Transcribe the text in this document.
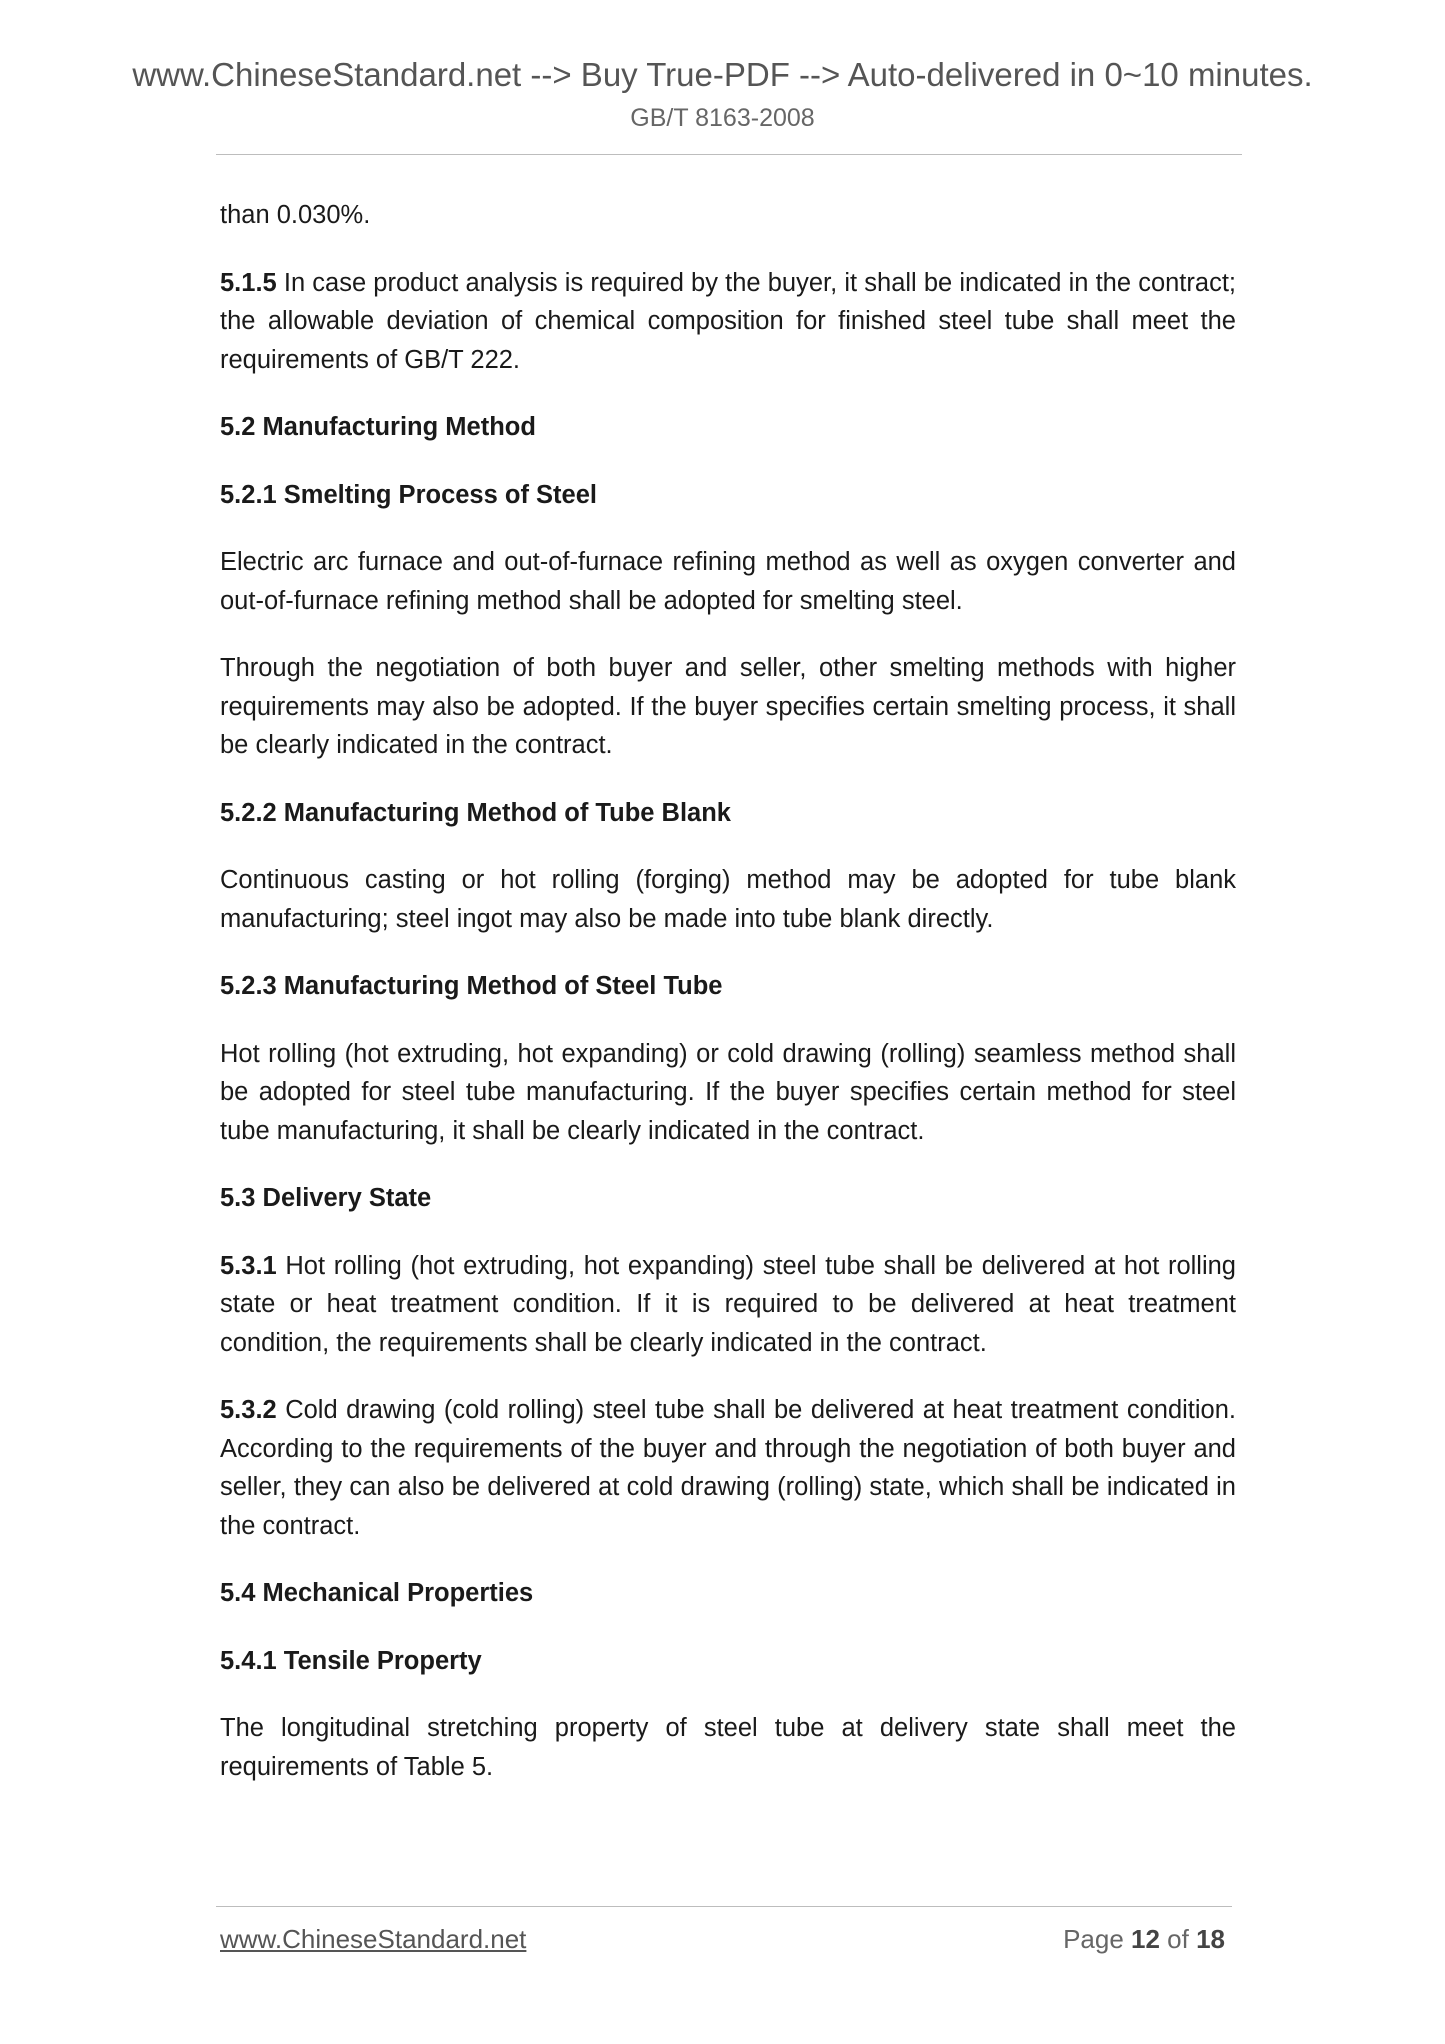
www.ChineseStandard.net --> Buy True-PDF --> Auto-delivered in 0~10 minutes.
GB/T 8163-2008

than 0.030%.

5.1.5 In case product analysis is required by the buyer, it shall be indicated in the contract; the allowable deviation of chemical composition for finished steel tube shall meet the requirements of GB/T 222.

5.2 Manufacturing Method
5.2.1 Smelting Process of Steel

Electric arc furnace and out-of-furnace refining method as well as oxygen converter and out-of-furnace refining method shall be adopted for smelting steel.

Through the negotiation of both buyer and seller, other smelting methods with higher requirements may also be adopted. If the buyer specifies certain smelting process, it shall be clearly indicated in the contract.

5.2.2 Manufacturing Method of Tube Blank

Continuous casting or hot rolling (forging) method may be adopted for tube blank manufacturing; steel ingot may also be made into tube blank directly.

5.2.3 Manufacturing Method of Steel Tube

Hot rolling (hot extruding, hot expanding) or cold drawing (rolling) seamless method shall be adopted for steel tube manufacturing. If the buyer specifies certain method for steel tube manufacturing, it shall be clearly indicated in the contract.

5.3 Delivery State

5.3.1 Hot rolling (hot extruding, hot expanding) steel tube shall be delivered at hot rolling state or heat treatment condition. If it is required to be delivered at heat treatment condition, the requirements shall be clearly indicated in the contract.

5.3.2 Cold drawing (cold rolling) steel tube shall be delivered at heat treatment condition. According to the requirements of the buyer and through the negotiation of both buyer and seller, they can also be delivered at cold drawing (rolling) state, which shall be indicated in the contract.

5.4 Mechanical Properties
5.4.1 Tensile Property

The longitudinal stretching property of steel tube at delivery state shall meet the requirements of Table 5.

www.ChineseStandard.net	Page 12 of 18
